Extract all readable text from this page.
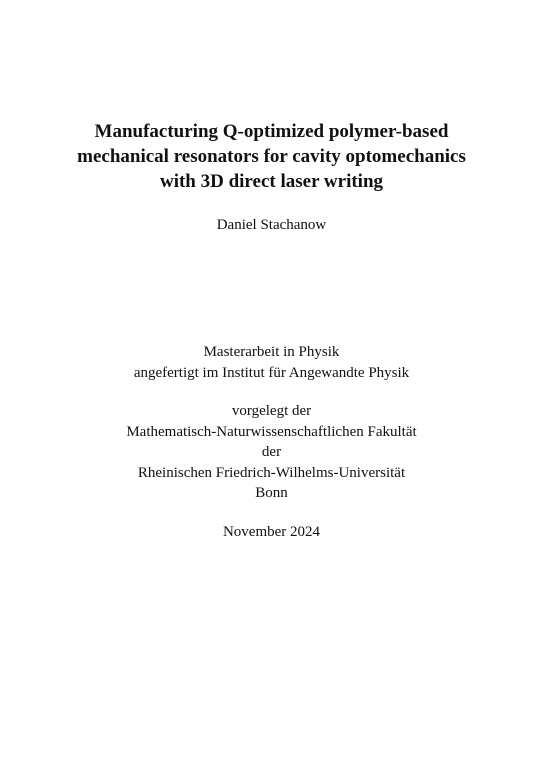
Manufacturing Q-optimized polymer-based
mechanical resonators for cavity optomechanics
with 3D direct laser writing
Daniel Stachanow
Masterarbeit in Physik
angefertigt im Institut für Angewandte Physik
vorgelegt der
Mathematisch-Naturwissenschaftlichen Fakultät
der
Rheinischen Friedrich-Wilhelms-Universität
Bonn
November 2024
